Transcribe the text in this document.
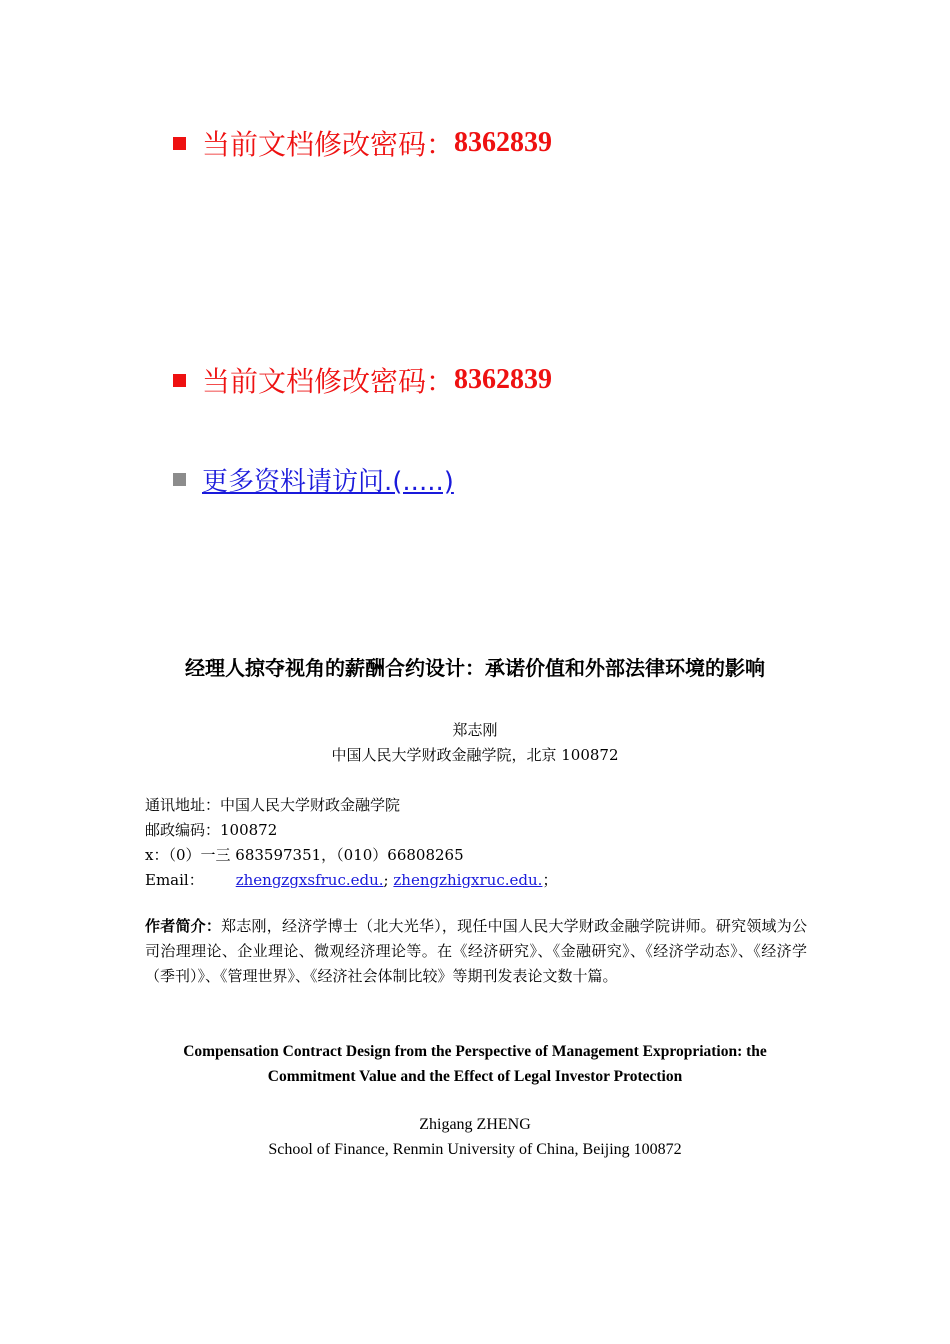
当前文档修改密码： 8362839
当前文档修改密码： 8362839
更多资料请访问.(.....)
经理人掠夺视角的薪酬合约设计：承诺价值和外部法律环境的影响
郑志刚
中国人民大学财政金融学院，北京 100872
通讯地址：中国人民大学财政金融学院
邮政编码：100872
x：（0）一三 683597351，（010）66808265
Email： zhengzgxsfruc.edu.; zhengzhigxruc.edu.；
作者简介：郑志刚，经济学博士（北大光华），现任中国人民大学财政金融学院讲师。研究领域为公司治理理论、企业理论、微观经济理论等。在《经济研究》、《金融研究》、《经济学动态》、《经济学（季刊）》、《管理世界》、《经济社会体制比较》等期刊发表论文数十篇。
Compensation Contract Design from the Perspective of Management Expropriation: the Commitment Value and the Effect of Legal Investor Protection
Zhigang ZHENG
School of Finance, Renmin University of China, Beijing 100872
